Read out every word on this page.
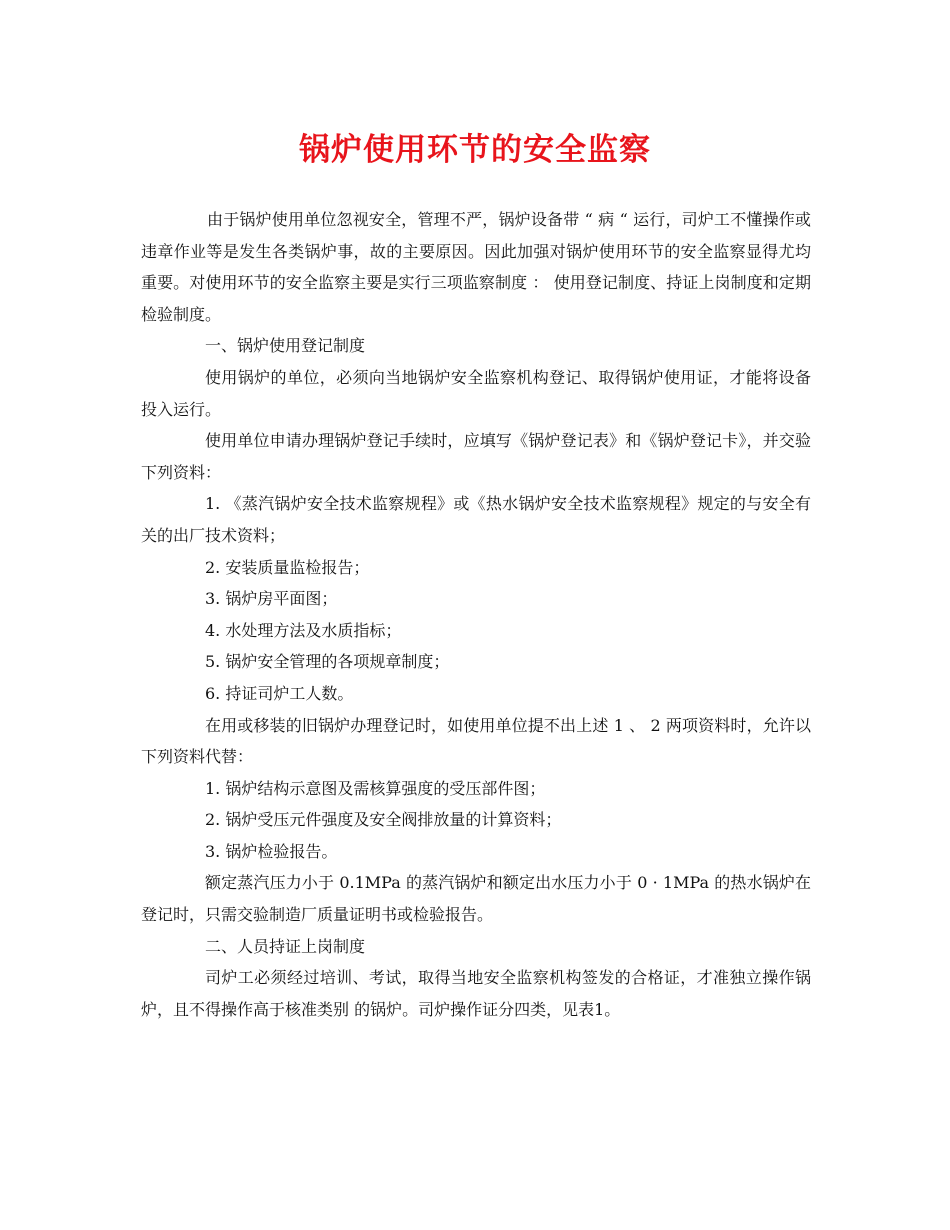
锅炉使用环节的安全监察

由于锅炉使用单位忽视安全，管理不严，锅炉设备带 “ 病 “ 运行，司炉工不懂操作或违章作业等是发生各类锅炉事，故的主要原因。因此加强对锅炉使用环节的安全监察显得尤均重要。对使用环节的安全监察主要是实行三项监察制度 ： 使用登记制度、持证上岗制度和定期检验制度。

一、锅炉使用登记制度

使用锅炉的单位，必须向当地锅炉安全监察机构登记、取得锅炉使用证，才能将设备投入运行。

使用单位申请办理锅炉登记手续时，应填写《锅炉登记表》和《锅炉登记卡》，并交验下列资料：

1. 《蒸汽锅炉安全技术监察规程》或《热水锅炉安全技术监察规程》规定的与安全有关的出厂技术资料；

2. 安装质量监检报告；

3. 锅炉房平面图；

4. 水处理方法及水质指标；

5. 锅炉安全管理的各项规章制度；

6. 持证司炉工人数。

在用或移装的旧锅炉办理登记时，如使用单位提不出上述 1 、 2 两项资料时，允许以下列资料代替：

1. 锅炉结构示意图及需核算强度的受压部件图；

2. 锅炉受压元件强度及安全阀排放量的计算资料；

3. 锅炉检验报告。

额定蒸汽压力小于 0.1MPa 的蒸汽锅炉和额定出水压力小于 0 · 1MPa 的热水锅炉在登记时，只需交验制造厂质量证明书或检验报告。

二、人员持证上岗制度

司炉工必须经过培训、考试，取得当地安全监察机构签发的合格证，才准独立操作锅炉，且不得操作高于核准类别 的锅炉。司炉操作证分四类，见表1。
